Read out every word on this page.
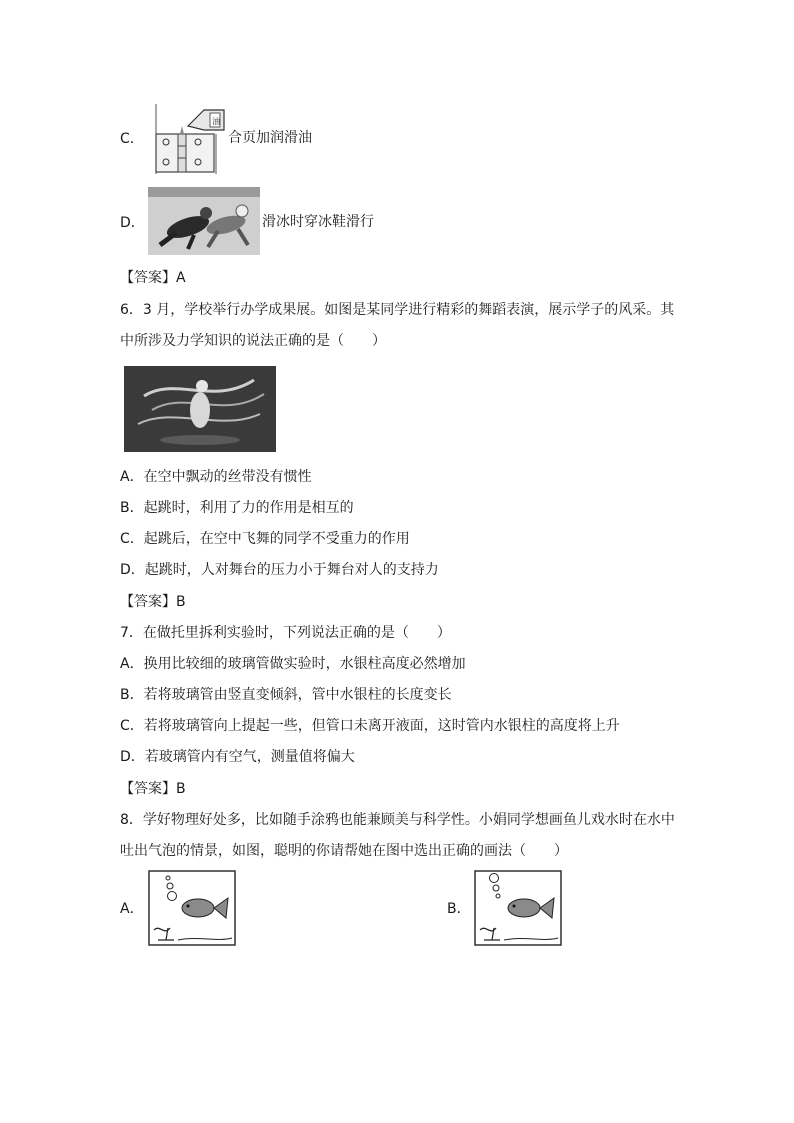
C．
油
合页加润滑油
D．	滑冰时穿冰鞋滑行
【答案】A
6．3 月，学校举行办学成果展。如图是某同学进行精彩的舞蹈表演，展示学子的风采。其
中所涉及力学知识的说法正确的是（　　）
A．在空中飘动的丝带没有惯性
B．起跳时，利用了力的作用是相互的
C．起跳后，在空中飞舞的同学不受重力的作用
D．起跳时，人对舞台的压力小于舞台对人的支持力
【答案】B
7．在做托里拆利实验时，下列说法正确的是（　　）
A．换用比较细的玻璃管做实验时，水银柱高度必然增加
B．若将玻璃管由竖直变倾斜，管中水银柱的长度变长
C．若将玻璃管向上提起一些，但管口未离开液面，这时管内水银柱的高度将上升
D．若玻璃管内有空气，测量值将偏大
【答案】B
8．学好物理好处多，比如随手涂鸦也能兼顾美与科学性。小娟同学想画鱼儿戏水时在水中
吐出气泡的情景，如图，聪明的你请帮她在图中选出正确的画法（　　）
A．	B．
